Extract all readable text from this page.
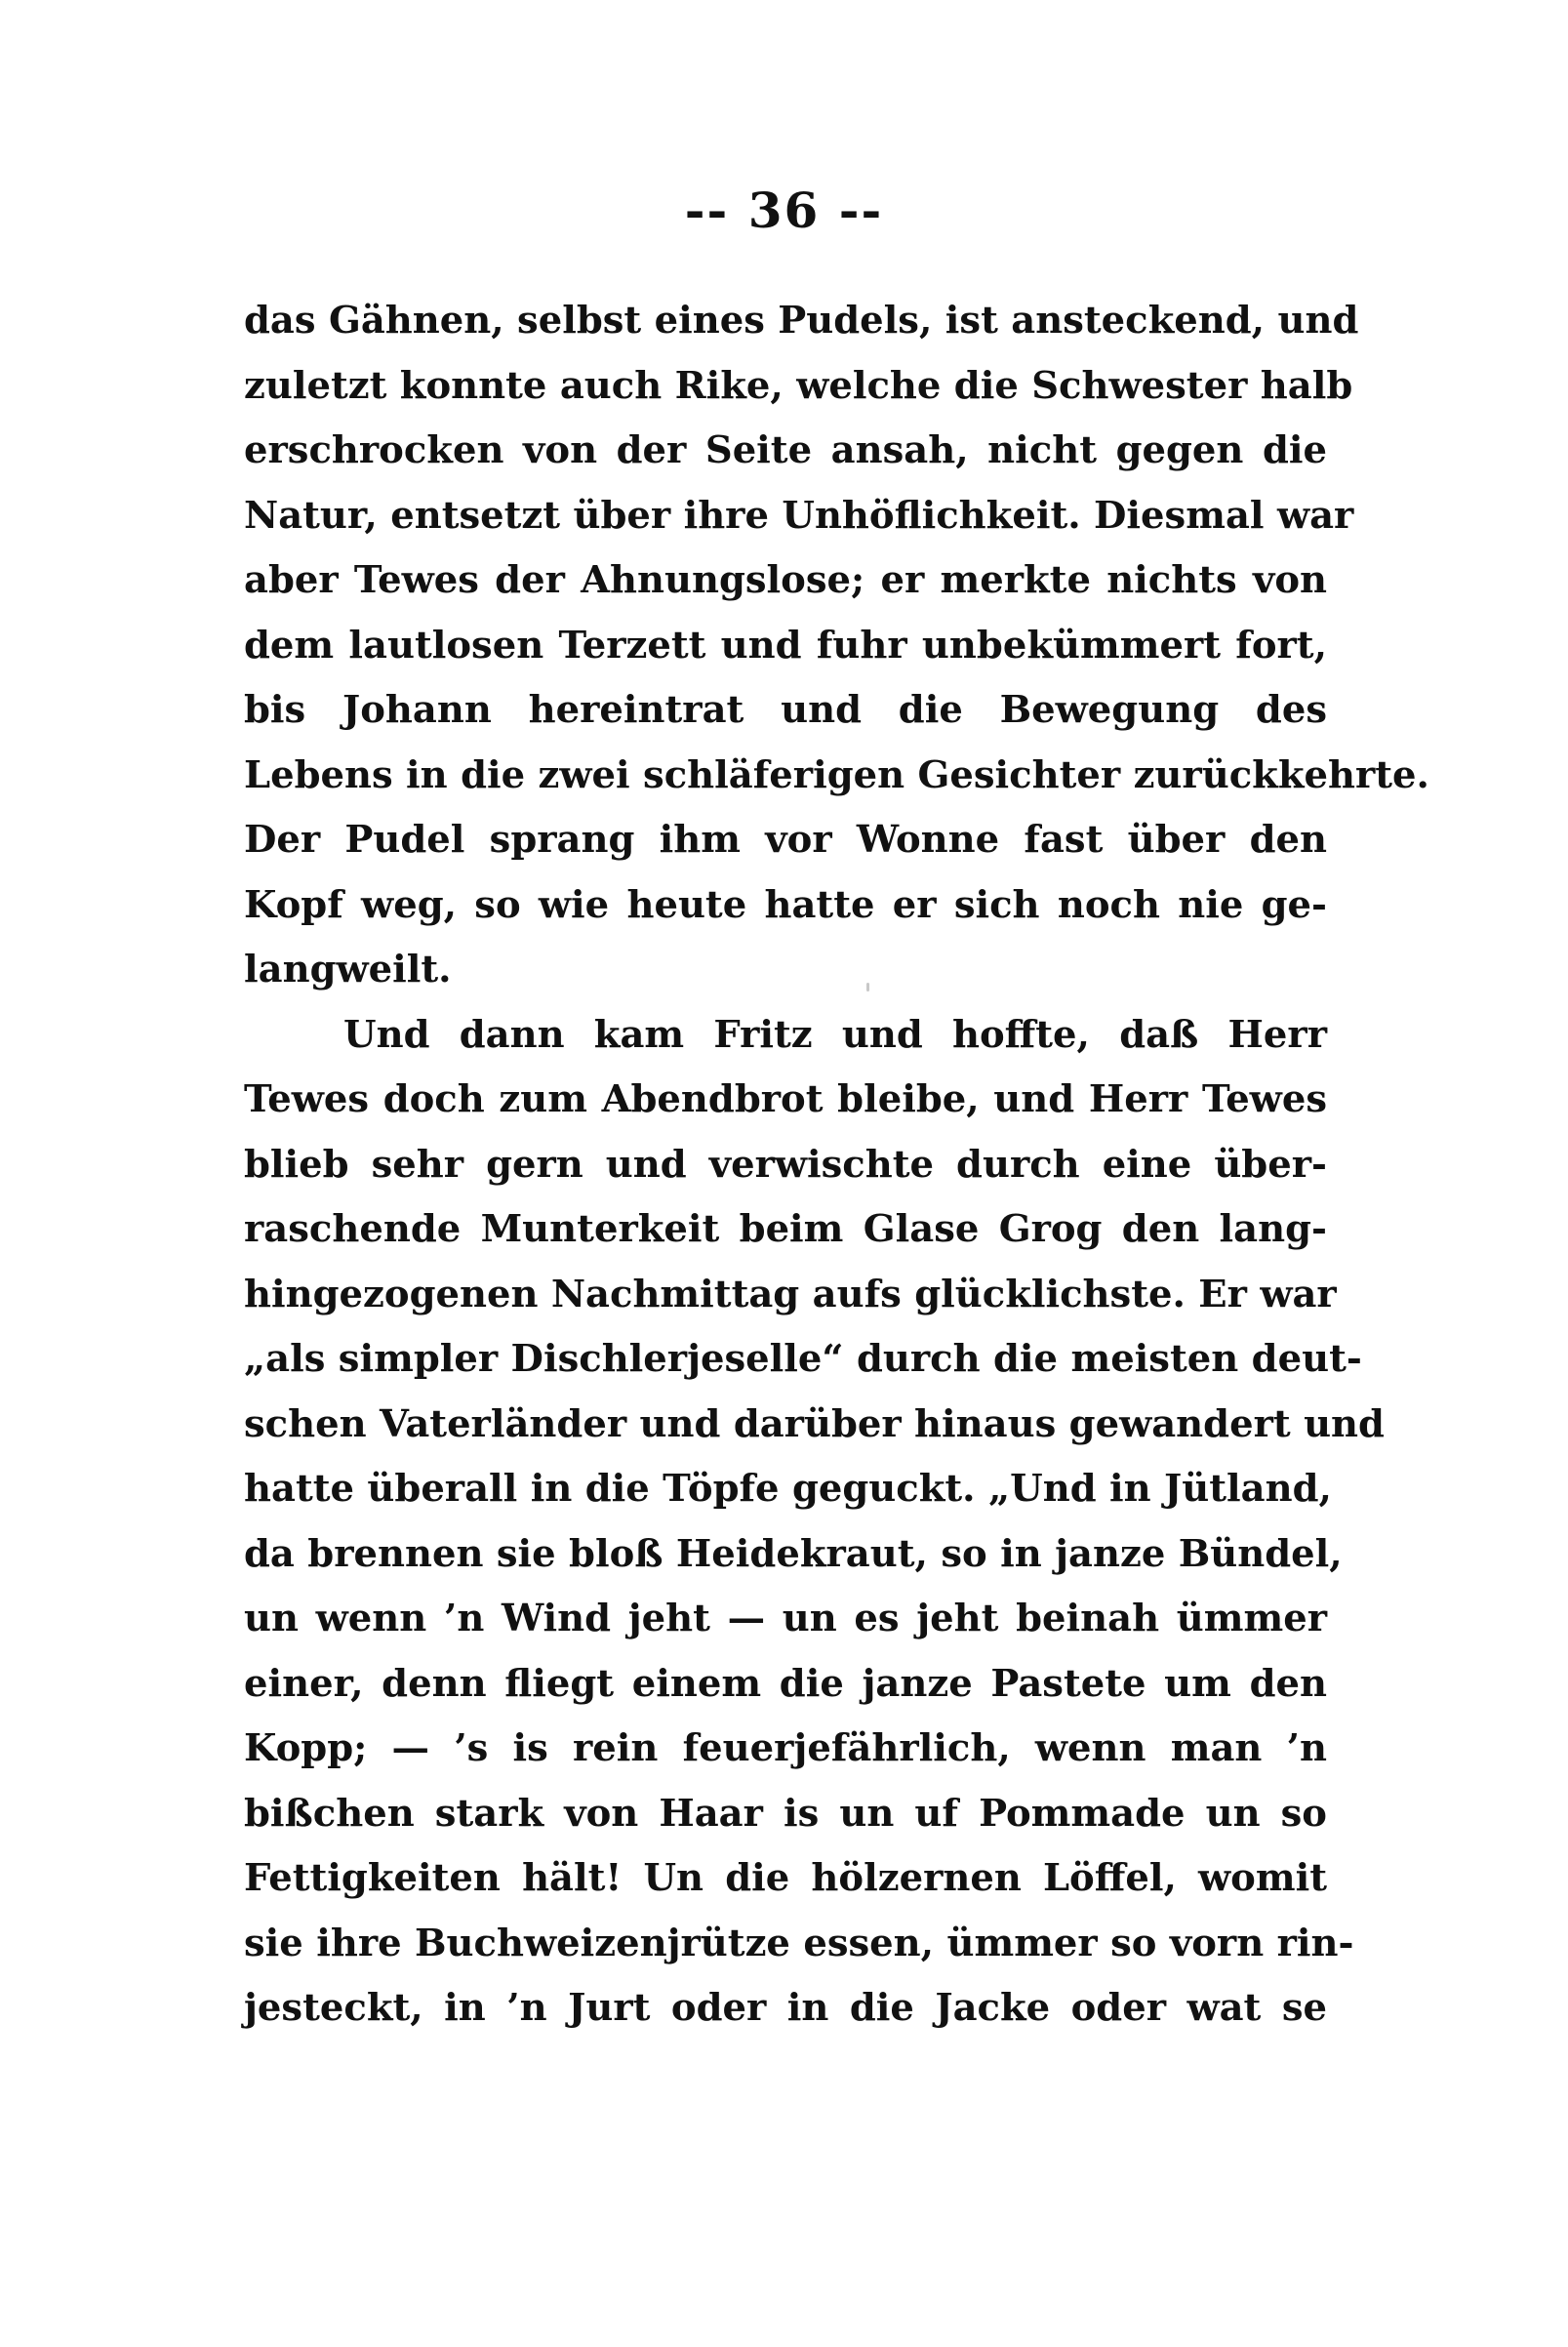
-- 36 --
das Gähnen, selbst eines Pudels, ist ansteckend, und
zuletzt konnte auch Rike, welche die Schwester halb
erschrocken von der Seite ansah, nicht gegen die
Natur, entsetzt über ihre Unhöflichkeit. Diesmal war
aber Tewes der Ahnungslose; er merkte nichts von
dem lautlosen Terzett und fuhr unbekümmert fort,
bis Johann hereintrat und die Bewegung des
Lebens in die zwei schläferigen Gesichter zurückkehrte.
Der Pudel sprang ihm vor Wonne fast über den
Kopf weg, so wie heute hatte er sich noch nie ge-
langweilt.
Und dann kam Fritz und hoffte, daß Herr
Tewes doch zum Abendbrot bleibe, und Herr Tewes
blieb sehr gern und verwischte durch eine über-
raschende Munterkeit beim Glase Grog den lang-
hingezogenen Nachmittag aufs glücklichste. Er war
„als simpler Dischlerjeselle“ durch die meisten deut-
schen Vaterländer und darüber hinaus gewandert und
hatte überall in die Töpfe geguckt. „Und in Jütland,
da brennen sie bloß Heidekraut, so in janze Bündel,
un wenn ’n Wind jeht — un es jeht beinah ümmer
einer, denn fliegt einem die janze Pastete um den
Kopp; — ’s is rein feuerjefährlich, wenn man ’n
bißchen stark von Haar is un uf Pommade un so
Fettigkeiten hält! Un die hölzernen Löffel, womit
sie ihre Buchweizenjrütze essen, ümmer so vorn rin-
jesteckt, in ’n Jurt oder in die Jacke oder wat se
